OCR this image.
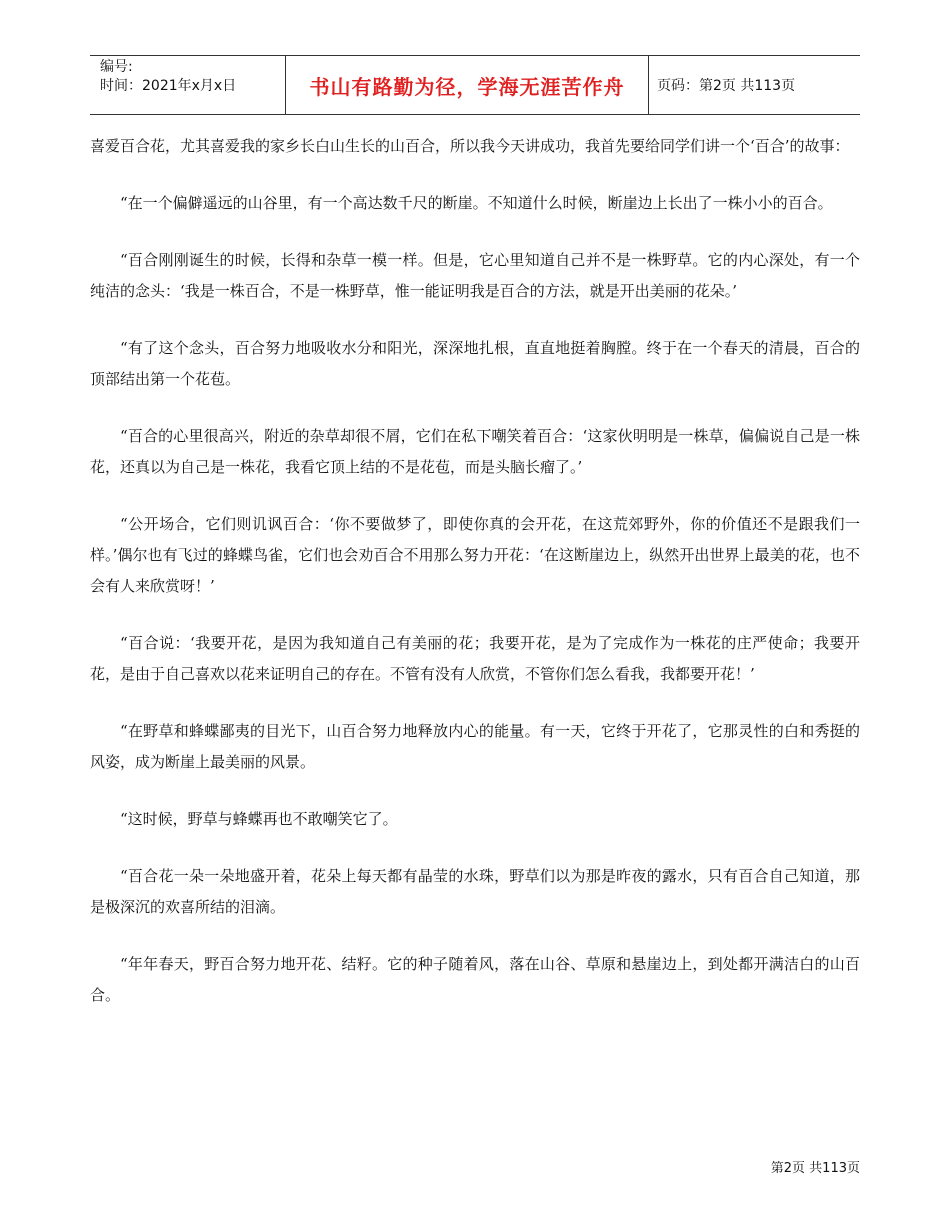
编号:
时间：2021年x月x日	书山有路勤为径，学海无涯苦作舟	页码：第2页 共113页

喜爱百合花，尤其喜爱我的家乡长白山生长的山百合，所以我今天讲成功，我首先要给同学们讲一个‘百合’的故事：

“在一个偏僻遥远的山谷里，有一个高达数千尺的断崖。不知道什么时候，断崖边上长出了一株小小的百合。

“百合刚刚诞生的时候，长得和杂草一模一样。但是，它心里知道自己并不是一株野草。它的内心深处，有一个纯洁的念头：‘我是一株百合，不是一株野草，惟一能证明我是百合的方法，就是开出美丽的花朵。’

“有了这个念头，百合努力地吸收水分和阳光，深深地扎根，直直地挺着胸膛。终于在一个春天的清晨，百合的顶部结出第一个花苞。

“百合的心里很高兴，附近的杂草却很不屑，它们在私下嘲笑着百合：‘这家伙明明是一株草，偏偏说自己是一株花，还真以为自己是一株花，我看它顶上结的不是花苞，而是头脑长瘤了。’

“公开场合，它们则讥讽百合：‘你不要做梦了，即使你真的会开花，在这荒郊野外，你的价值还不是跟我们一样。’偶尔也有飞过的蜂蝶鸟雀，它们也会劝百合不用那么努力开花：‘在这断崖边上，纵然开出世界上最美的花，也不会有人来欣赏呀！’

“百合说：‘我要开花，是因为我知道自己有美丽的花；我要开花，是为了完成作为一株花的庄严使命；我要开花，是由于自己喜欢以花来证明自己的存在。不管有没有人欣赏，不管你们怎么看我，我都要开花！’

“在野草和蜂蝶鄙夷的目光下，山百合努力地释放内心的能量。有一天，它终于开花了，它那灵性的白和秀挺的风姿，成为断崖上最美丽的风景。

“这时候，野草与蜂蝶再也不敢嘲笑它了。

“百合花一朵一朵地盛开着，花朵上每天都有晶莹的水珠，野草们以为那是昨夜的露水，只有百合自己知道，那是极深沉的欢喜所结的泪滴。

“年年春天，野百合努力地开花、结籽。它的种子随着风，落在山谷、草原和悬崖边上，到处都开满洁白的山百合。

第2页 共113页
